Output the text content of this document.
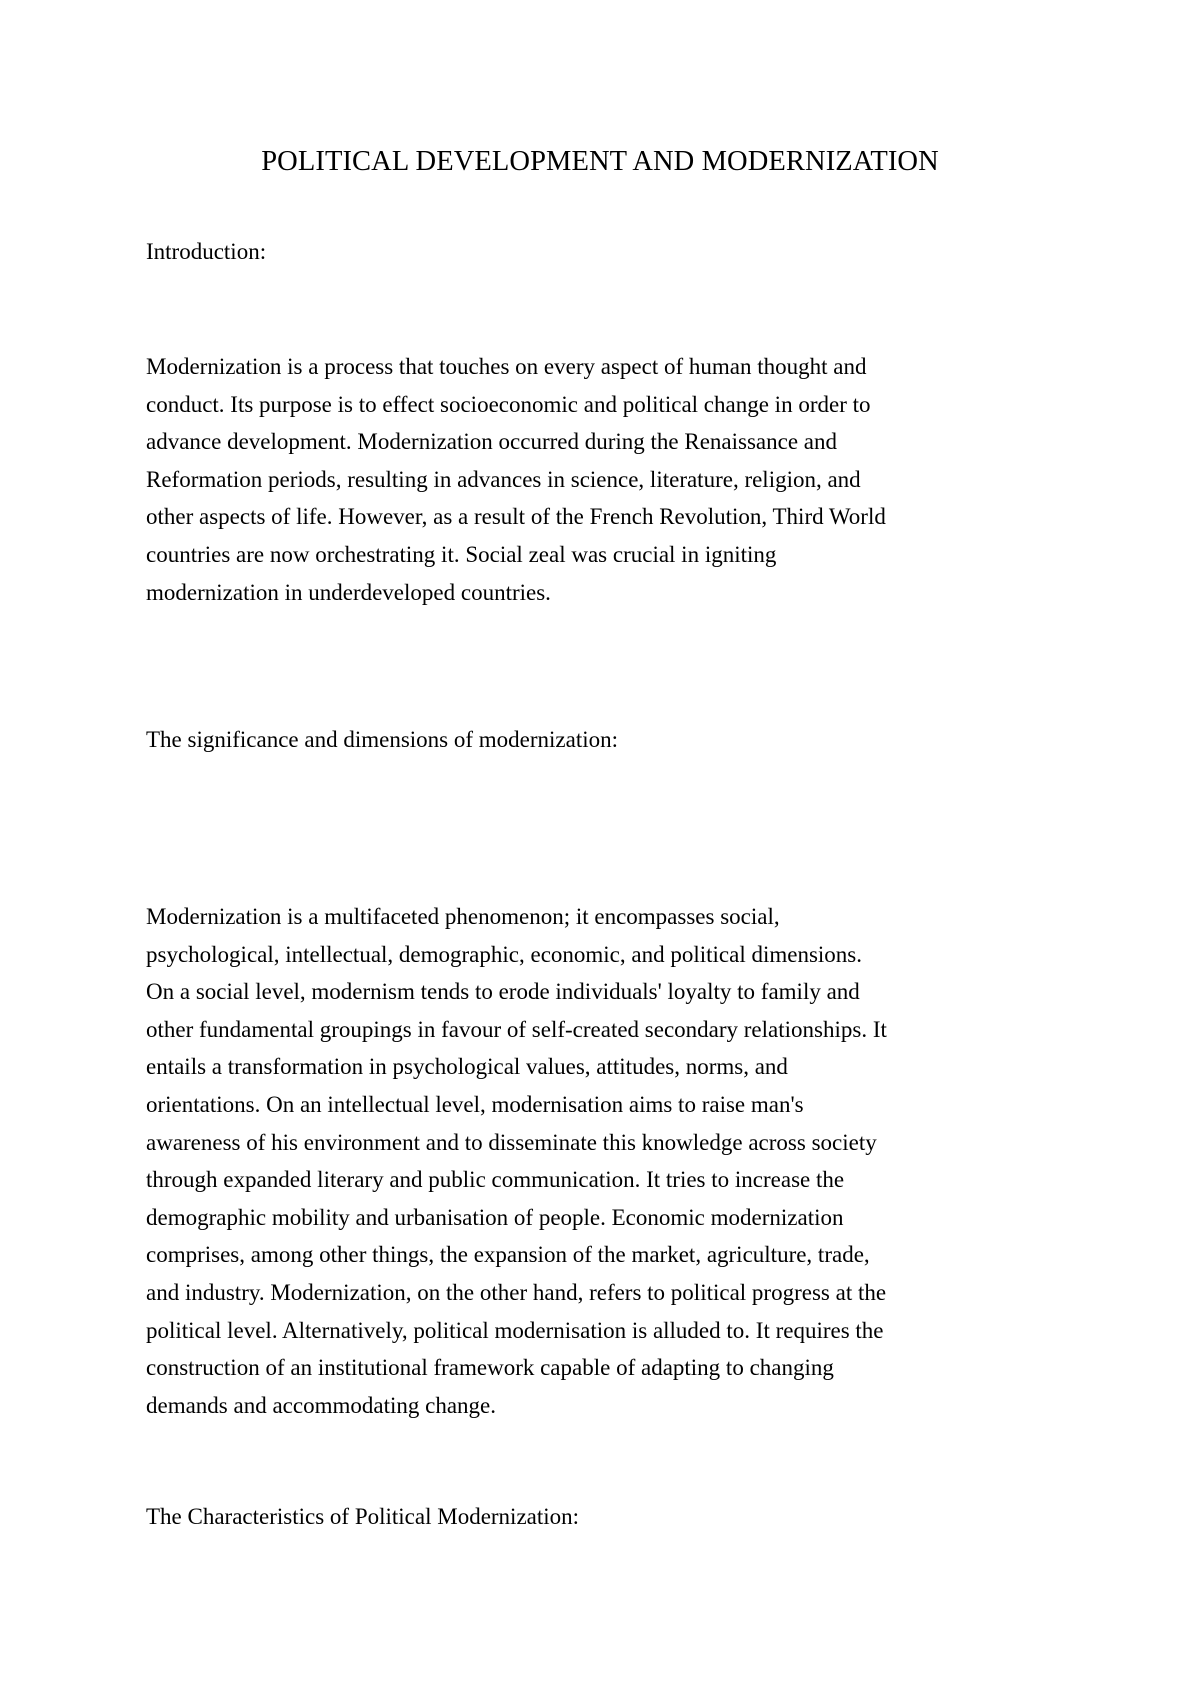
POLITICAL DEVELOPMENT AND MODERNIZATION
Introduction:
Modernization is a process that touches on every aspect of human thought and
conduct. Its purpose is to effect socioeconomic and political change in order to
advance development. Modernization occurred during the Renaissance and
Reformation periods, resulting in advances in science, literature, religion, and
other aspects of life. However, as a result of the French Revolution, Third World
countries are now orchestrating it. Social zeal was crucial in igniting
modernization in underdeveloped countries.
The significance and dimensions of modernization:
Modernization is a multifaceted phenomenon; it encompasses social,
psychological, intellectual, demographic, economic, and political dimensions.
On a social level, modernism tends to erode individuals' loyalty to family and
other fundamental groupings in favour of self-created secondary relationships. It
entails a transformation in psychological values, attitudes, norms, and
orientations. On an intellectual level, modernisation aims to raise man's
awareness of his environment and to disseminate this knowledge across society
through expanded literary and public communication. It tries to increase the
demographic mobility and urbanisation of people. Economic modernization
comprises, among other things, the expansion of the market, agriculture, trade,
and industry. Modernization, on the other hand, refers to political progress at the
political level. Alternatively, political modernisation is alluded to. It requires the
construction of an institutional framework capable of adapting to changing
demands and accommodating change.
The Characteristics of Political Modernization:
